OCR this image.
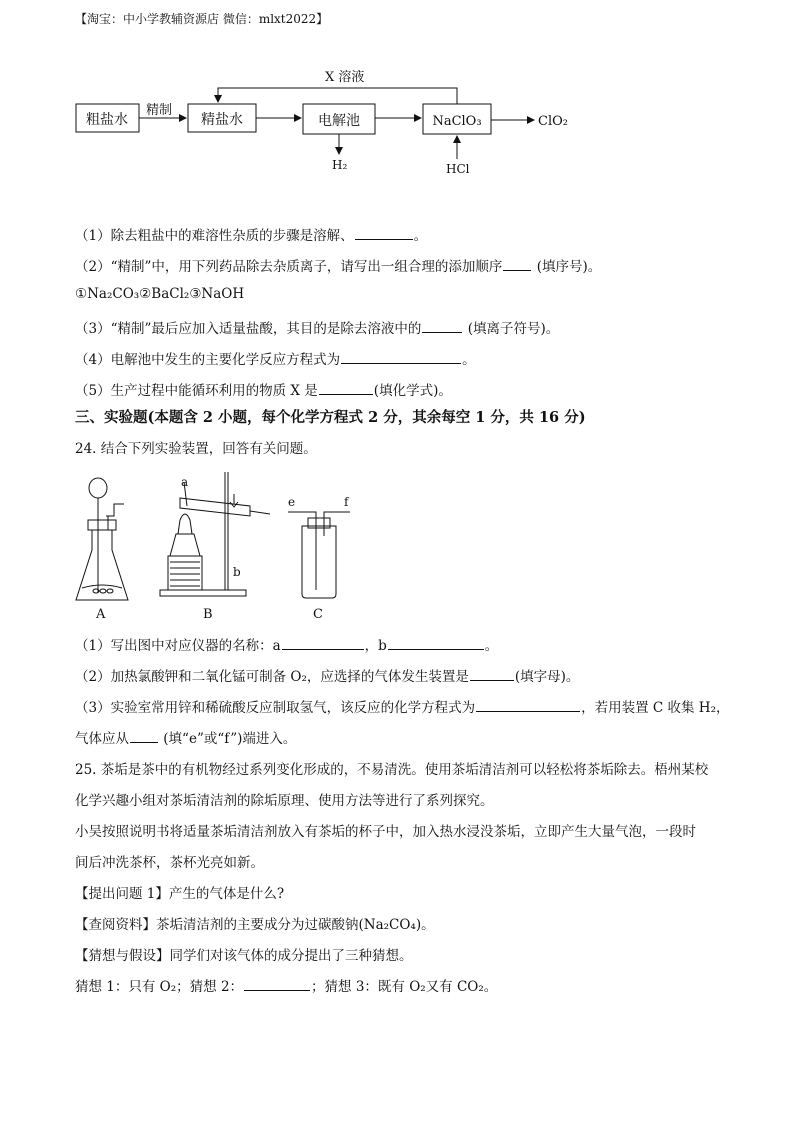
【淘宝：中小学教辅资源店 微信：mlxt2022】
粗盐水	精盐水	电解池	NaClO₃
精制
ClO₂
X 溶液
H₂	HCl
（1）除去粗盐中的难溶性杂质的步骤是溶解、	。
（2）“精制”中，用下列药品除去杂质离子，请写出一组合理的添加顺序 (填序号)。
①Na₂CO₃②BaCl₂③NaOH
（3）“精制”最后应加入适量盐酸，其目的是除去溶液中的	(填离子符号)。
（4）电解池中发生的主要化学反应方程式为	。
（5）生产过程中能循环利用的物质 X 是	(填化学式)。
三、实验题(本题含 2 小题，每个化学方程式 2 分，其余每空 1 分，共 16 分)
24. 结合下列实验装置，回答有关问题。
A
a
b
B
e	f
C
（1）写出图中对应仪器的名称：a	，b	。
（2）加热氯酸钾和二氧化锰可制备 O₂，应选择的气体发生装置是	(填字母)。
（3）实验室常用锌和稀硫酸反应制取氢气，该反应的化学方程式为	，若用装置 C 收集 H₂，
气体应从 (填“e”或“f”)端进入。
25. 茶垢是茶中的有机物经过系列变化形成的，不易清洗。使用茶垢清洁剂可以轻松将茶垢除去。梧州某校
化学兴趣小组对茶垢清洁剂的除垢原理、使用方法等进行了系列探究。
小吴按照说明书将适量茶垢清洁剂放入有茶垢的杯子中，加入热水浸没茶垢，立即产生大量气泡，一段时
间后冲洗茶杯，茶杯光亮如新。
【提出问题 1】产生的气体是什么?
【查阅资料】茶垢清洁剂的主要成分为过碳酸钠(Na₂CO₄)。
【猜想与假设】同学们对该气体的成分提出了三种猜想。
猜想 1：只有 O₂；猜想 2：	；猜想 3：既有 O₂又有 CO₂。
